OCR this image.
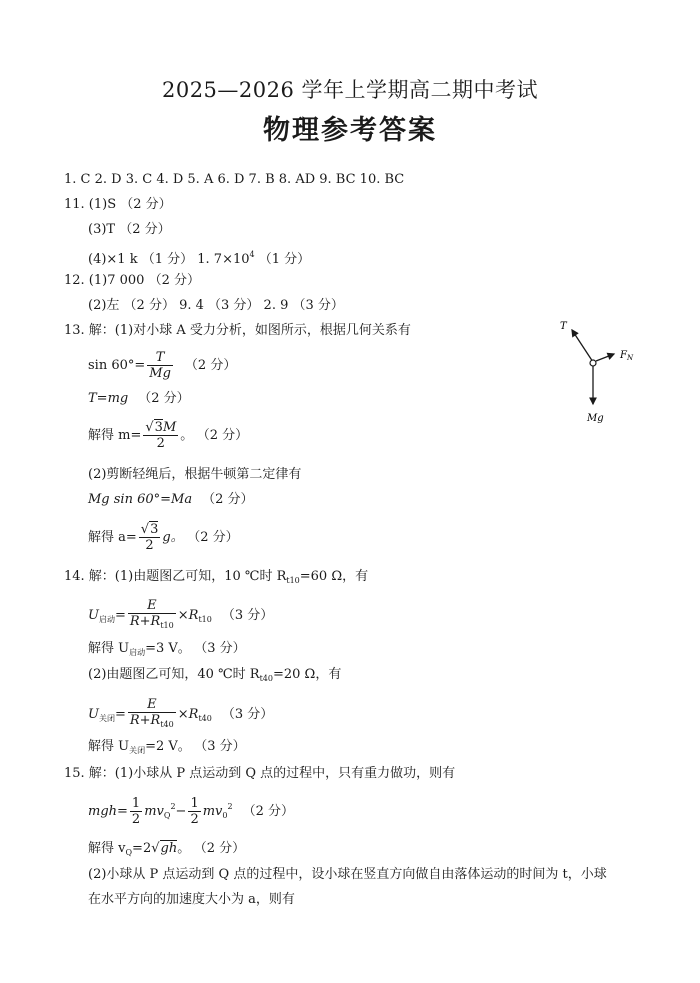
2025—2026 学年上学期高二期中考试
物理参考答案
1. C 2. D 3. C 4. D 5. A 6. D 7. B 8. AD 9. BC 10. BC
11. (1)S （2 分）
(3)T （2 分）
(4)×1 k （1 分） 1. $7\times 10^4$ （1 分）
12. (1)7 000 （2 分）
(2)左 （2 分） 9. 4 （3 分） 2. 9 （3 分）
13. 解：(1)对小球 A 受力分析，如图所示，根据几何关系有
$\sin 60^\circ= \frac{T}{Mg} (2$ 分）
T=mg （2 分）
解得 $m= \frac{√3M}{2}$ 。 （2 分）
(2)剪断轻绳后，根据牛顿第二定律有
Mg sin 60°=Ma （2 分）
解得 $a= \frac{√3}{2}$ g。 （2 分）
T
$F_N$
Mg
14. 解：(1)由题图乙可知，10 ℃时 $R_{t10}=60$ Ω，有
$U_{启动}= \frac{E}{R+R_{t10}} \times R_{t10}$ （3 分）
解得 $U_{启动}=3$ V。 （3 分）
(2)由题图乙可知，40 ℃时 $R_{t40}=20$ Ω，有
$U_{关闭}= \frac{E}{R+R_{t40}} \times R_{t40}$ （3 分）
解得 $U_{关闭}=2$ V。 （3 分）
15. 解：(1)小球从 P 点运动到 Q 点的过程中，只有重力做功，则有
$mgh= \frac{1}{2} mv_Q^2- \frac{1}{2} mv_0^2$ （2 分）
解得 $v_Q=2√gh$。 （2 分）
(2)小球从 P 点运动到 Q 点的过程中，设小球在竖直方向做自由落体运动的时间为 t，小球
在水平方向的加速度大小为 a，则有
